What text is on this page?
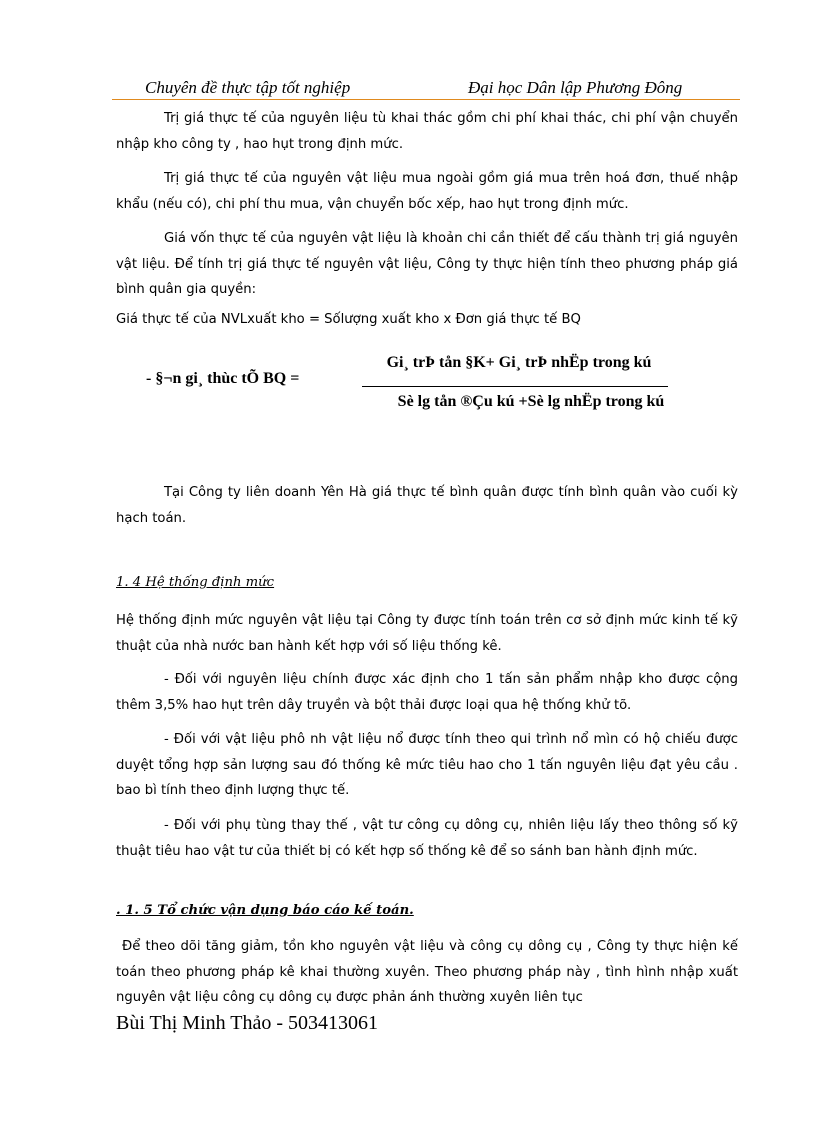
Chuyên đề thực tập tốt nghiệp	Đại học Dân lập Phương Đông

Trị giá thực tế của nguyên liệu tù khai thác gồm chi phí khai thác, chi phí vận chuyển nhập kho công ty , hao hụt trong định mức.

Trị giá thực tế của nguyên vật liệu mua ngoài gồm giá mua trên hoá đơn, thuế nhập khẩu (nếu có), chi phí thu mua, vận chuyển bốc xếp, hao hụt trong định mức.

Giá vốn thực tế của nguyên vật liệu là khoản chi cần thiết để cấu thành trị giá nguyên vật liệu. Để tính trị giá thực tế nguyên vật liệu, Công ty thực hiện tính theo phương pháp giá bình quân gia quyền:

Giá thực tế của NVLxuất kho = Sốlượng xuất kho x Đơn giá thực tế BQ
- §¬n gi¸ thùc tÕ BQ =
Gi¸ trÞ tån §K+ Gi¸ trÞ nhËp trong kú
Sè lg tån ®Çu kú +Sè lg nhËp trong kú

Tại Công ty liên doanh Yên Hà giá thực tế bình quân được tính bình quân vào cuối kỳ hạch toán.

1. 4 Hệ thống định mức

Hệ thống định mức nguyên vật liệu tại Công ty được tính toán trên cơ sở định mức kinh tế kỹ thuật của nhà nước ban hành kết hợp với số liệu thống kê.

- Đối với nguyên liệu chính được xác định cho 1 tấn sản phẩm nhập kho được cộng thêm 3,5% hao hụt trên dây truyền và bột thải được loại qua hệ thống khử tõ.

- Đối với vật liệu phô nh vật liệu nổ được tính theo qui trình nổ mìn có hộ chiếu được duyệt tổng hợp sản lượng sau đó thống kê mức tiêu hao cho 1 tấn nguyên liệu đạt yêu cầu . bao bì tính theo định lượng thực tế.

- Đối với phụ tùng thay thế , vật tư công cụ dông cụ, nhiên liệu lấy theo thông số kỹ thuật tiêu hao vật tư của thiết bị có kết hợp số thống kê để so sánh ban hành định mức.

. 1. 5 Tổ chức vận dụng báo cáo kế toán.

Để theo dõi tăng giảm, tồn kho nguyên vật liệu và công cụ dông cụ , Công ty thực hiện kế toán theo phương pháp kê khai thường xuyên. Theo phương pháp này , tình hình nhập xuất nguyên vật liệu công cụ dông cụ được phản ánh thường xuyên liên tục

Bùi Thị Minh Thảo - 503413061
